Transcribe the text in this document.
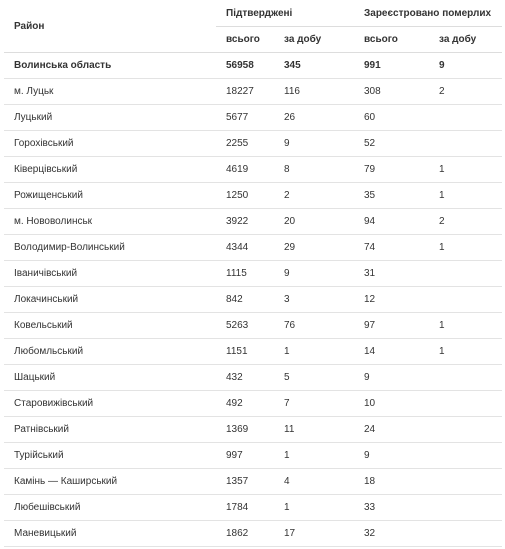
Район	Підтверджені		Зареєстровано померлих	
	всього	за добу	всього	за добу
Волинська область	56958	345	991	9
м. Луцьк	18227	116	308	2
Луцький	5677	26	60	
Горохівський	2255	9	52	
Ківерцівський	4619	8	79	1
Рожищенський	1250	2	35	1
м. Нововолинськ	3922	20	94	2
Володимир-Волинський	4344	29	74	1
Іваничівський	1115	9	31	
Локачинський	842	3	12	
Ковельський	5263	76	97	1
Любомльський	1151	1	14	1
Шацький	432	5	9	
Старовижівський	492	7	10	
Ратнівський	1369	11	24	
Турійський	997	1	9	
Камінь — Каширський	1357	4	18	
Любешівський	1784	1	33	
Маневицький	1862	17	32	
